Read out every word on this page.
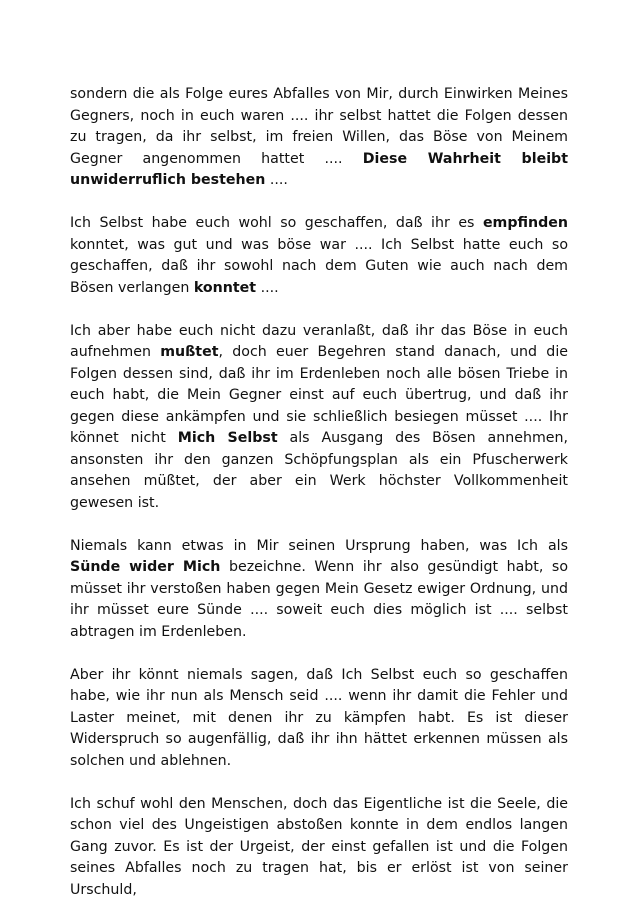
sondern die als Folge eures Abfalles von Mir, durch Einwirken Meines Gegners, noch in euch waren .... ihr selbst hattet die Folgen dessen zu tragen, da ihr selbst, im freien Willen, das Böse von Meinem Gegner angenommen hattet .... Diese Wahrheit bleibt unwiderruflich bestehen ....

Ich Selbst habe euch wohl so geschaffen, daß ihr es empfinden konntet, was gut und was böse war .... Ich Selbst hatte euch so geschaffen, daß ihr sowohl nach dem Guten wie auch nach dem Bösen verlangen konntet ....

Ich aber habe euch nicht dazu veranlaßt, daß ihr das Böse in euch aufnehmen mußtet, doch euer Begehren stand danach, und die Folgen dessen sind, daß ihr im Erdenleben noch alle bösen Triebe in euch habt, die Mein Gegner einst auf euch übertrug, und daß ihr gegen diese ankämpfen und sie schließlich besiegen müsset .... Ihr könnet nicht Mich Selbst als Ausgang des Bösen annehmen, ansonsten ihr den ganzen Schöpfungsplan als ein Pfuscherwerk ansehen müßtet, der aber ein Werk höchster Vollkommenheit gewesen ist.

Niemals kann etwas in Mir seinen Ursprung haben, was Ich als Sünde wider Mich bezeichne. Wenn ihr also gesündigt habt, so müsset ihr verstoßen haben gegen Mein Gesetz ewiger Ordnung, und ihr müsset eure Sünde .... soweit euch dies möglich ist .... selbst abtragen im Erdenleben.

Aber ihr könnt niemals sagen, daß Ich Selbst euch so geschaffen habe, wie ihr nun als Mensch seid .... wenn ihr damit die Fehler und Laster meinet, mit denen ihr zu kämpfen habt. Es ist dieser Widerspruch so augenfällig, daß ihr ihn hättet erkennen müssen als solchen und ablehnen.

Ich schuf wohl den Menschen, doch das Eigentliche ist die Seele, die schon viel des Ungeistigen abstoßen konnte in dem endlos langen Gang zuvor. Es ist der Urgeist, der einst gefallen ist und die Folgen seines Abfalles noch zu tragen hat, bis er erlöst ist von seiner Urschuld,
